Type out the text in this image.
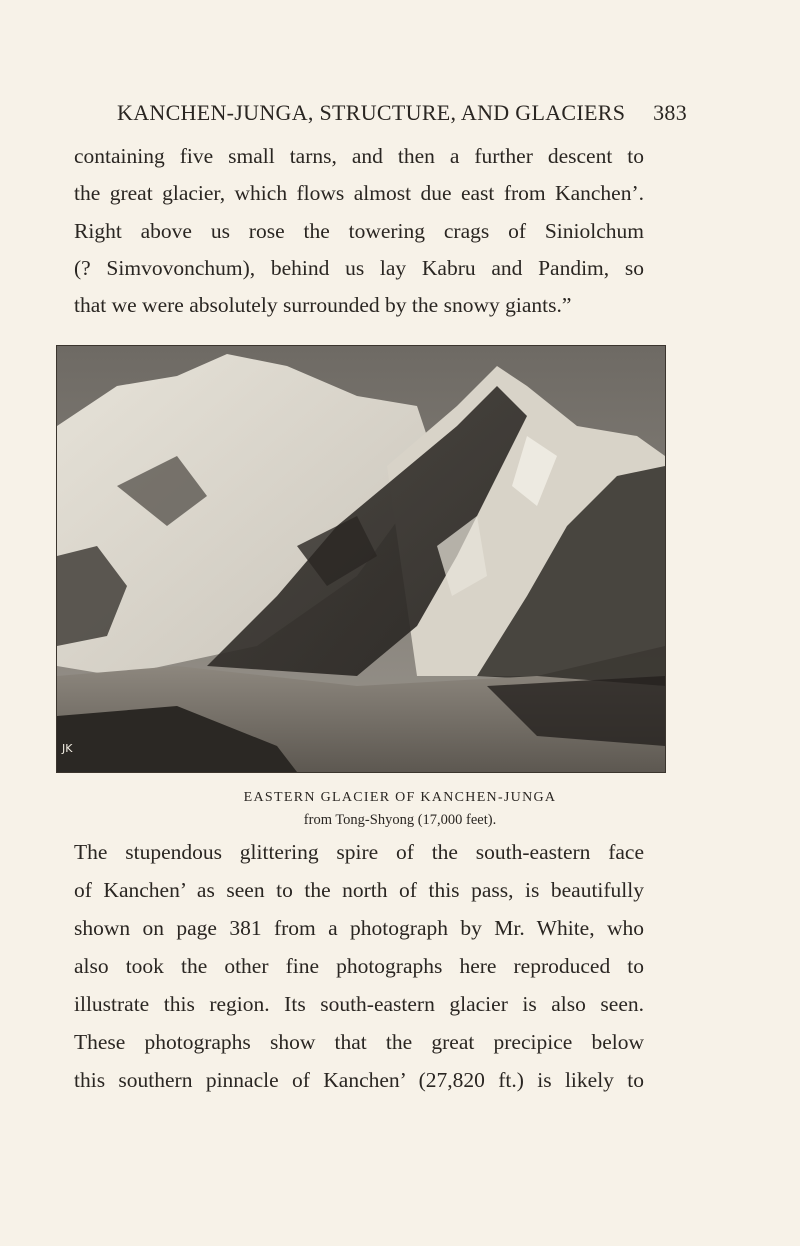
KANCHEN-JUNGA, STRUCTURE, AND GLACIERS 383

containing five small tarns, and then a further descent to
the great glacier, which flows almost due east from Kanchen’.
Right above us rose the towering crags of Siniolchum
(? Simvovonchum), behind us lay Kabru and Pandim, so
that we were absolutely surrounded by the snowy giants.”

JK
EASTERN GLACIER OF KANCHEN-JUNGA
from Tong-Shyong (17,000 feet).

The stupendous glittering spire of the south-eastern face
of Kanchen’ as seen to the north of this pass, is beautifully
shown on page 381 from a photograph by Mr. White, who
also took the other fine photographs here reproduced to
illustrate this region. Its south-eastern glacier is also seen.
These photographs show that the great precipice below
this southern pinnacle of Kanchen’ (27,820 ft.) is likely to
